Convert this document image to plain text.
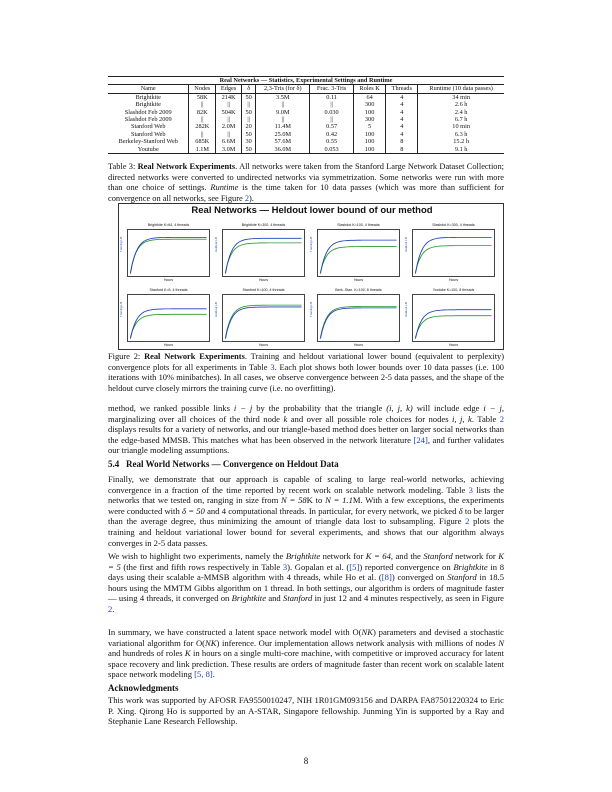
Real Networks — Statistics, Experimental Settings and Runtime								
Name	Nodes	Edges	δ	2,3-Tris (for δ)	Frac. 3-Tris	Roles K	Threads	Runtime (10 data passes)
Brightkite	58K	214K	50	3.5M	0.11	64	4	34 min
Brightkite	||	||	||	||	||	300	4	2.6 h
Slashdot Feb 2009	82K	504K	50	9.0M	0.030	100	4	2.4 h
Slashdot Feb 2009	||	||	||	||	||	300	4	6.7 h
Stanford Web	282K	2.0M	20	11.4M	0.57	5	4	10 min
Stanford Web	||	||	50	25.0M	0.42	100	4	6.3 h
Berkeley-Stanford Web	685K	6.6M	30	57.6M	0.55	100	8	15.2 h
Youtube	1.1M	3.0M	50	36.0M	0.053	100	8	9.1 h
Table 3: Real Network Experiments. All networks were taken from the Stanford Large Network Dataset Collection; directed networks were converted to undirected networks via symmetrization. Some networks were run with more than one choice of settings. Runtime is the time taken for 10 data passes (which was more than sufficient for convergence on all networks, see Figure 2).
Real Networks — Heldout lower bound of our method
Brightkite K=64, 4 threads
Hours
Training LB
Brightkite K=300, 4 threads
Hours
Heldout LB
Slashdot K=100, 4 threads
Hours
Training LB
Slashdot K=300, 4 threads
Hours
Heldout LB
Stanford K=5, 4 threads
Hours
Training LB
Stanford K=100, 4 threads
Hours
Heldout LB
Berk.-Stan. K=100, 8 threads
Hours
Training LB
Youtube K=100, 8 threads
Hours
Heldout LB
Figure 2: Real Network Experiments. Training and heldout variational lower bound (equivalent to perplexity) convergence plots for all experiments in Table 3. Each plot shows both lower bounds over 10 data passes (i.e. 100 iterations with 10% minibatches). In all cases, we observe convergence between 2-5 data passes, and the shape of the heldout curve closely mirrors the training curve (i.e. no overfitting).
method, we ranked possible links i − j by the probability that the triangle (i, j, k) will include edge i − j, marginalizing over all choices of the third node k and over all possible role choices for nodes i, j, k. Table 2 displays results for a variety of networks, and our triangle-based method does better on larger social networks than the edge-based MMSB. This matches what has been observed in the network literature [24], and further validates our triangle modeling assumptions.
5.4 Real World Networks — Convergence on Heldout Data
Finally, we demonstrate that our approach is capable of scaling to large real-world networks, achieving convergence in a fraction of the time reported by recent work on scalable network modeling. Table 3 lists the networks that we tested on, ranging in size from N = 58K to N = 1.1M. With a few exceptions, the experiments were conducted with δ = 50 and 4 computational threads. In particular, for every network, we picked δ to be larger than the average degree, thus minimizing the amount of triangle data lost to subsampling. Figure 2 plots the training and heldout variational lower bound for several experiments, and shows that our algorithm always converges in 2-5 data passes.
We wish to highlight two experiments, namely the Brightkite network for K = 64, and the Stanford network for K = 5 (the first and fifth rows respectively in Table 3). Gopalan et al. ([5]) reported convergence on Brightkite in 8 days using their scalable a-MMSB algorithm with 4 threads, while Ho et al. ([8]) converged on Stanford in 18.5 hours using the MMTM Gibbs algorithm on 1 thread. In both settings, our algorithm is orders of magnitude faster — using 4 threads, it converged on Brightkite and Stanford in just 12 and 4 minutes respectively, as seen in Figure 2.
In summary, we have constructed a latent space network model with O(NK) parameters and devised a stochastic variational algorithm for O(NK) inference. Our implementation allows network analysis with millions of nodes N and hundreds of roles K in hours on a single multi-core machine, with competitive or improved accuracy for latent space recovery and link prediction. These results are orders of magnitude faster than recent work on scalable latent space network modeling [5, 8].
Acknowledgments
This work was supported by AFOSR FA9550010247, NIH 1R01GM093156 and DARPA FA87501220324 to Eric P. Xing. Qirong Ho is supported by an A-STAR, Singapore fellowship. Junming Yin is supported by a Ray and Stephanie Lane Research Fellowship.
8
